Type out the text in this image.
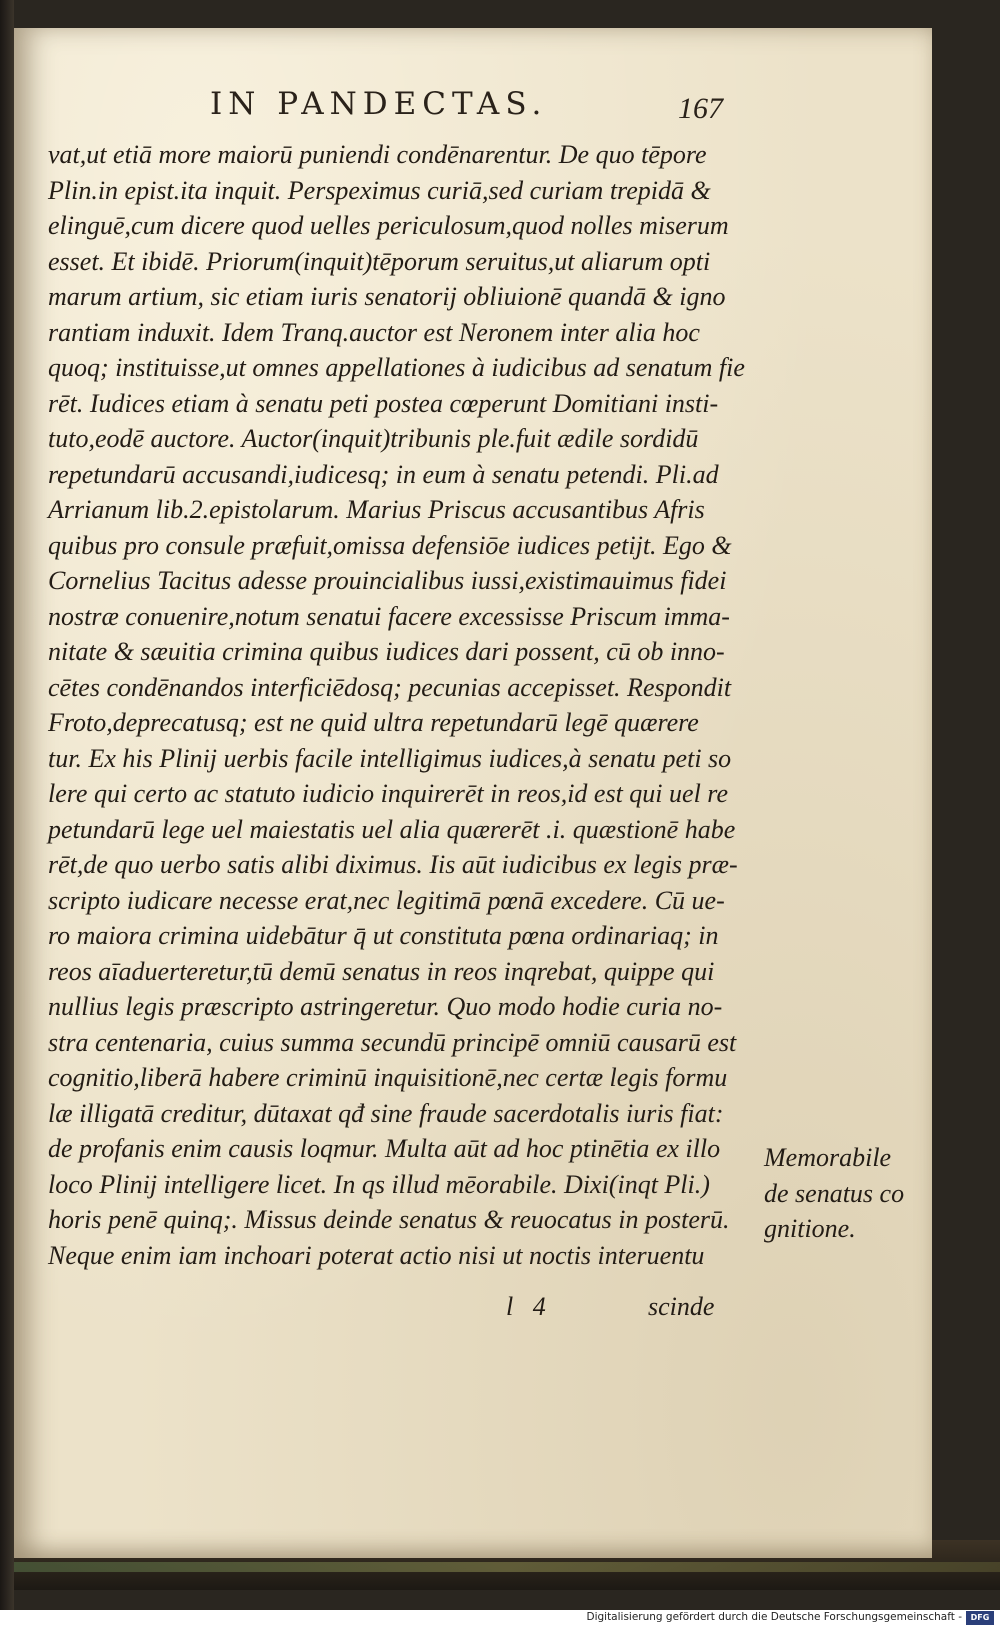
IN PANDECTAS.	167
vat,ut etiā more maiorū puniendi condēnarentur. De quo tēpore
Plin.in epist.ita inquit. Perspeximus curiā,sed curiam trepidā &
elinguē,cum dicere quod uelles periculosum,quod nolles miserum
esset. Et ibidē. Priorum(inquit)tēporum seruitus,ut aliarum opti
marum artium, sic etiam iuris senatorij obliuionē quandā & igno
rantiam induxit. Idem Tranq.auctor est Neronem inter alia hoc
quoq; instituisse,ut omnes appellationes à iudicibus ad senatum fie
rēt. Iudices etiam à senatu peti postea cœperunt Domitiani insti-
tuto,eodē auctore. Auctor(inquit)tribunis ple.fuit ædile sordidū
repetundarū accusandi,iudicesq; in eum à senatu petendi. Pli.ad
Arrianum lib.2.epistolarum. Marius Priscus accusantibus Afris
quibus pro consule præfuit,omissa defensiōe iudices petijt. Ego &
Cornelius Tacitus adesse prouincialibus iussi,existimauimus fidei
nostræ conuenire,notum senatui facere excessisse Priscum imma-
nitate & sæuitia crimina quibus iudices dari possent, cū ob inno-
cētes condēnandos interficiēdosq; pecunias accepisset. Respondit
Froto,deprecatusq; est ne quid ultra repetundarū legē quærere
tur. Ex his Plinij uerbis facile intelligimus iudices,à senatu peti so
lere qui certo ac statuto iudicio inquirerēt in reos,id est qui uel re
petundarū lege uel maiestatis uel alia quærerēt .i. quæstionē habe
rēt,de quo uerbo satis alibi diximus. Iis aūt iudicibus ex legis præ-
scripto iudicare necesse erat,nec legitimā pœnā excedere. Cū ue-
ro maiora crimina uidebātur q̄ ut constituta pœna ordinariaq; in
reos aīaduerteretur,tū demū senatus in reos inqrebat, quippe qui
nullius legis præscripto astringeretur. Quo modo hodie curia no-
stra centenaria, cuius summa secundū principē omniū causarū est
cognitio,liberā habere criminū inquisitionē,nec certæ legis formu
læ illigatā creditur, dūtaxat qđ sine fraude sacerdotalis iuris fiat:
de profanis enim causis loqmur. Multa aūt ad hoc ptinētia ex illo
loco Plinij intelligere licet. In qs illud mēorabile. Dixi(inqt Pli.)
horis penē quinq;. Missus deinde senatus & reuocatus in posterū.
Neque enim iam inchoari poterat actio nisi ut noctis interuentu
Memorabile
de senatus co
gnitione.
l   4	scinde
Digitalisierung gefördert durch die Deutsche Forschungsgemeinschaft -	DFG
